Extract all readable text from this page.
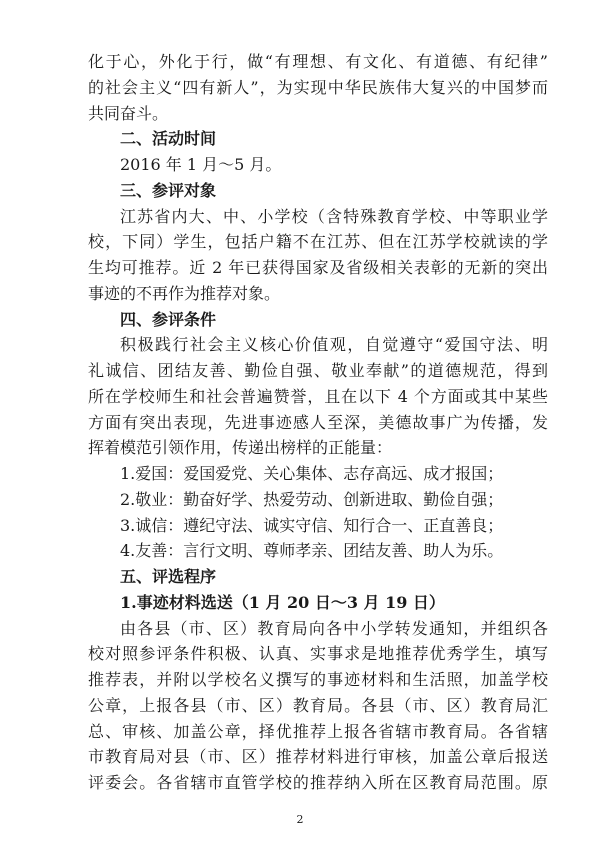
化于心，外化于行，做“有理想、有文化、有道德、有纪律”
的社会主义“四有新人”，为实现中华民族伟大复兴的中国梦而
共同奋斗。
二、活动时间
2016 年 1 月～5 月。
三、参评对象
江苏省内大、中、小学校（含特殊教育学校、中等职业学
校，下同）学生，包括户籍不在江苏、但在江苏学校就读的学
生均可推荐。近 2 年已获得国家及省级相关表彰的无新的突出
事迹的不再作为推荐对象。
四、参评条件
积极践行社会主义核心价值观，自觉遵守“爱国守法、明
礼诚信、团结友善、勤俭自强、敬业奉献”的道德规范，得到
所在学校师生和社会普遍赞誉，且在以下 4 个方面或其中某些
方面有突出表现，先进事迹感人至深，美德故事广为传播，发
挥着模范引领作用，传递出榜样的正能量：
1.爱国：爱国爱党、关心集体、志存高远、成才报国；
2.敬业：勤奋好学、热爱劳动、创新进取、勤俭自强；
3.诚信：遵纪守法、诚实守信、知行合一、正直善良；
4.友善：言行文明、尊师孝亲、团结友善、助人为乐。
五、评选程序
1.事迹材料选送（1 月 20 日～3 月 19 日）
由各县（市、区）教育局向各中小学转发通知，并组织各
校对照参评条件积极、认真、实事求是地推荐优秀学生，填写
推荐表，并附以学校名义撰写的事迹材料和生活照，加盖学校
公章，上报各县（市、区）教育局。各县（市、区）教育局汇
总、审核、加盖公章，择优推荐上报各省辖市教育局。各省辖
市教育局对县（市、区）推荐材料进行审核，加盖公章后报送
评委会。各省辖市直管学校的推荐纳入所在区教育局范围。原
2
